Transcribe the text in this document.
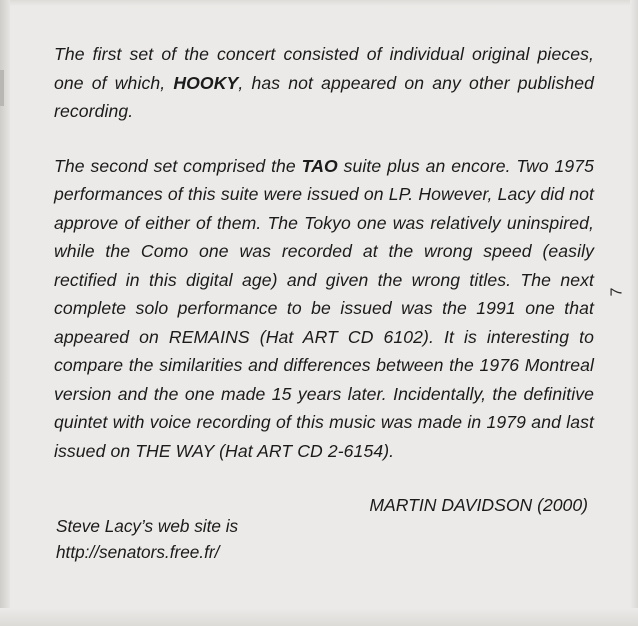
7

The first set of the concert consisted of individual original pieces, one of which, HOOKY, has not appeared on any other published recording.

The second set comprised the TAO suite plus an encore. Two 1975 performances of this suite were issued on LP. However, Lacy did not approve of either of them. The Tokyo one was relatively uninspired, while the Como one was recorded at the wrong speed (easily rectified in this digital age) and given the wrong titles. The next complete solo performance to be issued was the 1991 one that appeared on REMAINS (Hat ART CD 6102). It is interesting to compare the similarities and differences between the 1976 Montreal version and the one made 15 years later. Incidentally, the definitive quintet with voice recording of this music was made in 1979 and last issued on THE WAY (Hat ART CD 2-6154).

MARTIN DAVIDSON (2000)
Steve Lacy’s web site is
http://senators.free.fr/
